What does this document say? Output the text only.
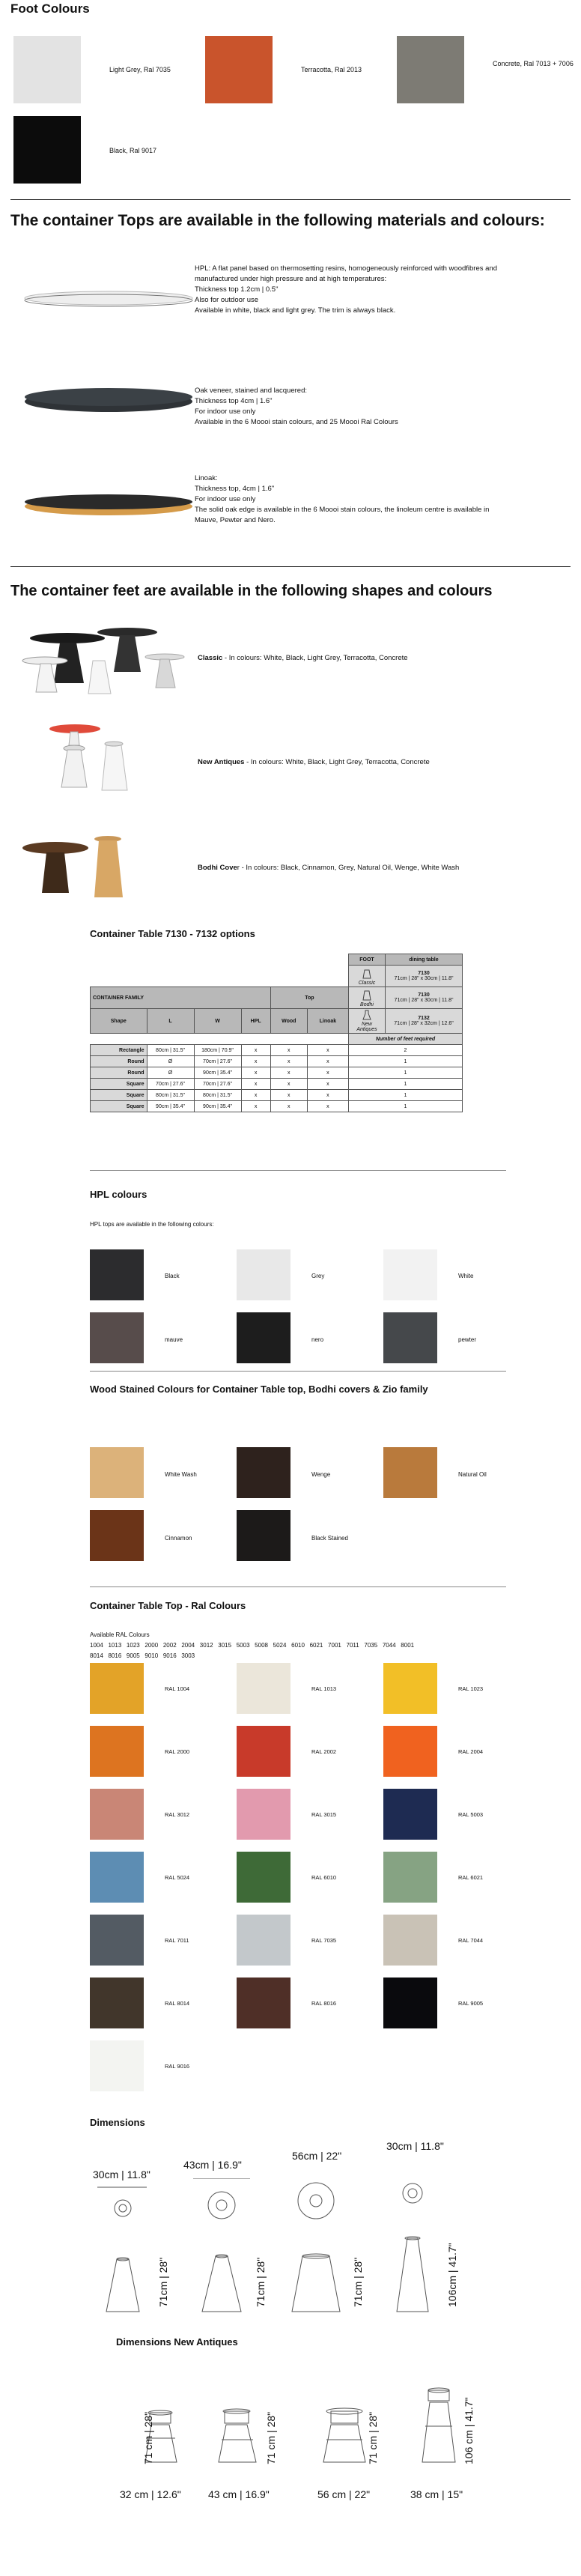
Foot Colours
Light Grey, Ral 7035	Terracotta, Ral 2013
Concrete, Ral 7013 + 7006
Black, Ral 9017
The container Tops are available in the following materials and colours:
HPL: A flat panel based on thermosetting resins, homogeneously reinforced with woodfibres and
manufactured under high pressure and at high temperatures:
Thickness top 1.2cm | 0.5"
Also for outdoor use
Available in white, black and light grey. The trim is always black.
Oak veneer, stained and lacquered:
Thickness top 4cm | 1.6"
For indoor use only
Available in the 6 Moooi stain colours, and 25 Moooi Ral Colours
Linoak:
Thickness top, 4cm | 1.6"
For indoor use only
The solid oak edge is available in the 6 Moooi stain colours, the linoleum centre is available in
Mauve, Pewter and Nero.
The container feet are available in the following shapes and colours
Classic - In colours: White, Black, Light Grey, Terracotta, Concrete
New Antiques - In colours: White, Black, Light Grey, Terracotta, Concrete
Bodhi Cover - In colours: Black, Cinnamon, Grey, Natural Oil, Wenge, White Wash
Container Table 7130 - 7132 options
						FOOT	dining table

Classic	7130
71cm | 28" x 30cm | 11.8"
CONTAINER FAMILY				Top		Bodhi	7130
71cm | 28" x 30cm | 11.8"
Shape	L	W	HPL	Wood	Linoak	New Antiques	7132
71cm | 28" x 32cm | 12.6"
						Number of feet required	
Rectangle	80cm | 31.5"	180cm | 70.9"	x	x	x	2	
Round	Ø	70cm | 27.6"	x	x	x	1	
Round	Ø	90cm | 35.4"	x	x	x	1	
Square	70cm | 27.6"	70cm | 27.6"	x	x	x	1	
Square	80cm | 31.5"	80cm | 31.5"	x	x	x	1	
Square	90cm | 35.4"	90cm | 35.4"	x	x	x	1	
HPL colours
HPL tops are available in the following colours:
Black	Grey	White
mauve	nero	pewter
Wood Stained Colours for Container Table top, Bodhi covers & Zio family
White Wash	Wenge	Natural Oil
Cinnamon	Black Stained
Container Table Top - Ral Colours
Available RAL Colours
1004   1013   1023   2000   2002   2004   3012   3015   5003   5008   5024   6010   6021   7001   7011   7035   7044   8001
8014   8016   9005   9010   9016   3003
RAL 1004	RAL 1013	RAL 1023
RAL 2000	RAL 2002	RAL 2004
RAL 3012	RAL 3015	RAL 5003
RAL 5024	RAL 6010	RAL 6021
RAL 7011	RAL 7035	RAL 7044
RAL 8014	RAL 8016	RAL 9005
RAL 9016
Dimensions
30cm | 11.8"
43cm | 16.9"
56cm | 22"
30cm | 11.8"
71cm | 28"	71cm | 28"	71cm | 28"	106cm | 41.7"
Dimensions New Antiques
71 cm | 28"	71 cm | 28"	71 cm | 28"	106 cm | 41.7"
32 cm | 12.6"	43 cm | 16.9"	56 cm | 22"	38 cm | 15"
